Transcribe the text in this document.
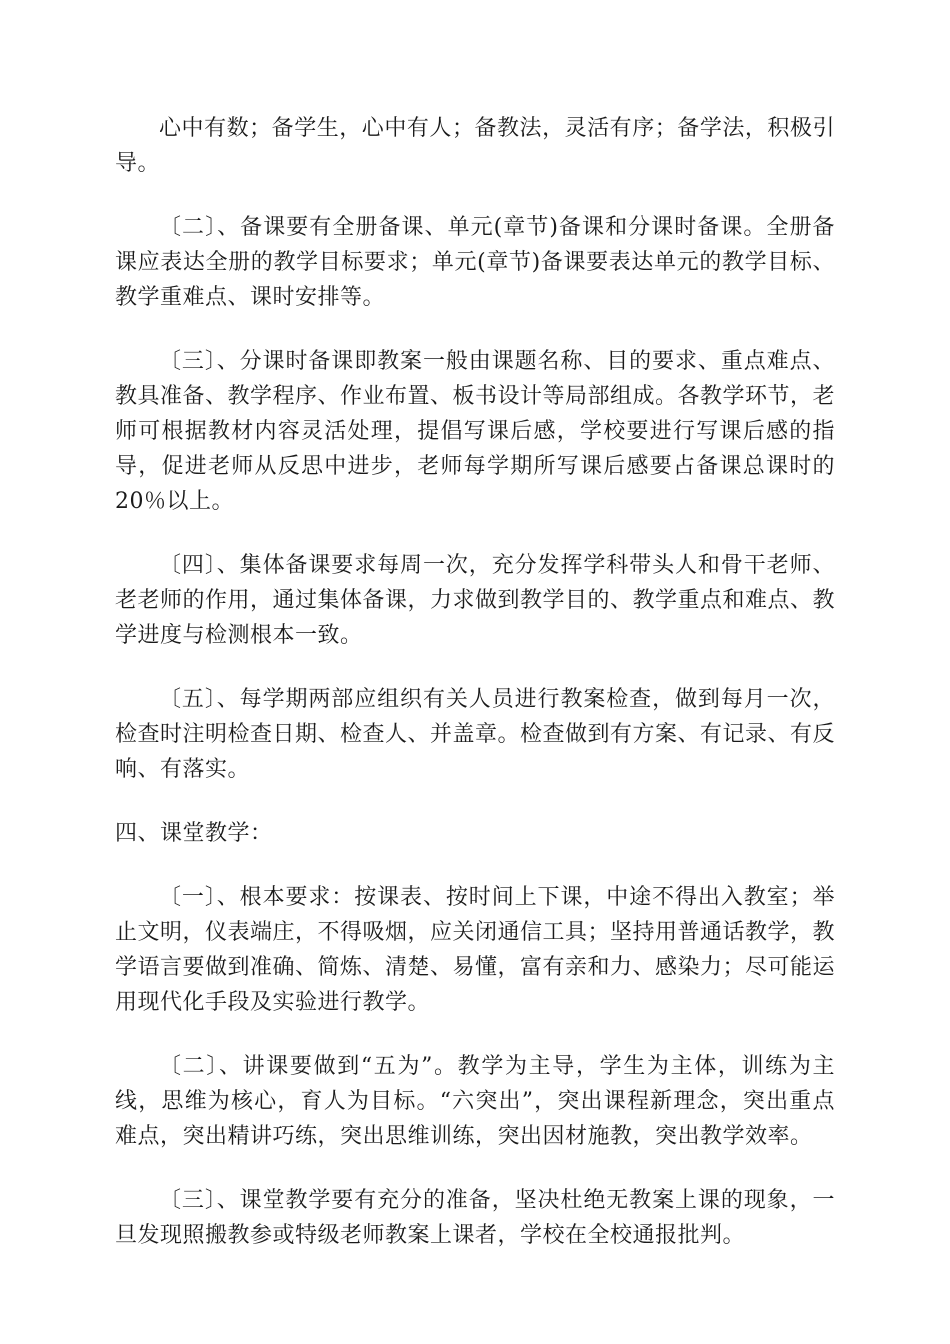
心中有数；备学生，心中有人；备教法，灵活有序；备学法，积极引导。

〔二〕、备课要有全册备课、单元(章节)备课和分课时备课。全册备课应表达全册的教学目标要求；单元(章节)备课要表达单元的教学目标、教学重难点、课时安排等。

〔三〕、分课时备课即教案一般由课题名称、目的要求、重点难点、教具准备、教学程序、作业布置、板书设计等局部组成。各教学环节，老师可根据教材内容灵活处理，提倡写课后感，学校要进行写课后感的指导，促进老师从反思中进步，老师每学期所写课后感要占备课总课时的20％以上。

〔四〕、集体备课要求每周一次，充分发挥学科带头人和骨干老师、老老师的作用，通过集体备课，力求做到教学目的、教学重点和难点、教学进度与检测根本一致。

〔五〕、每学期两部应组织有关人员进行教案检查，做到每月一次，检查时注明检查日期、检查人、并盖章。检查做到有方案、有记录、有反响、有落实。

四、课堂教学：

〔一〕、根本要求：按课表、按时间上下课，中途不得出入教室；举止文明，仪表端庄，不得吸烟，应关闭通信工具；坚持用普通话教学，教学语言要做到准确、简炼、清楚、易懂，富有亲和力、感染力；尽可能运用现代化手段及实验进行教学。

〔二〕、讲课要做到“五为”。教学为主导，学生为主体，训练为主线，思维为核心，育人为目标。“六突出”，突出课程新理念，突出重点难点，突出精讲巧练，突出思维训练，突出因材施教，突出教学效率。

〔三〕、课堂教学要有充分的准备，坚决杜绝无教案上课的现象，一旦发现照搬教参或特级老师教案上课者，学校在全校通报批判。
